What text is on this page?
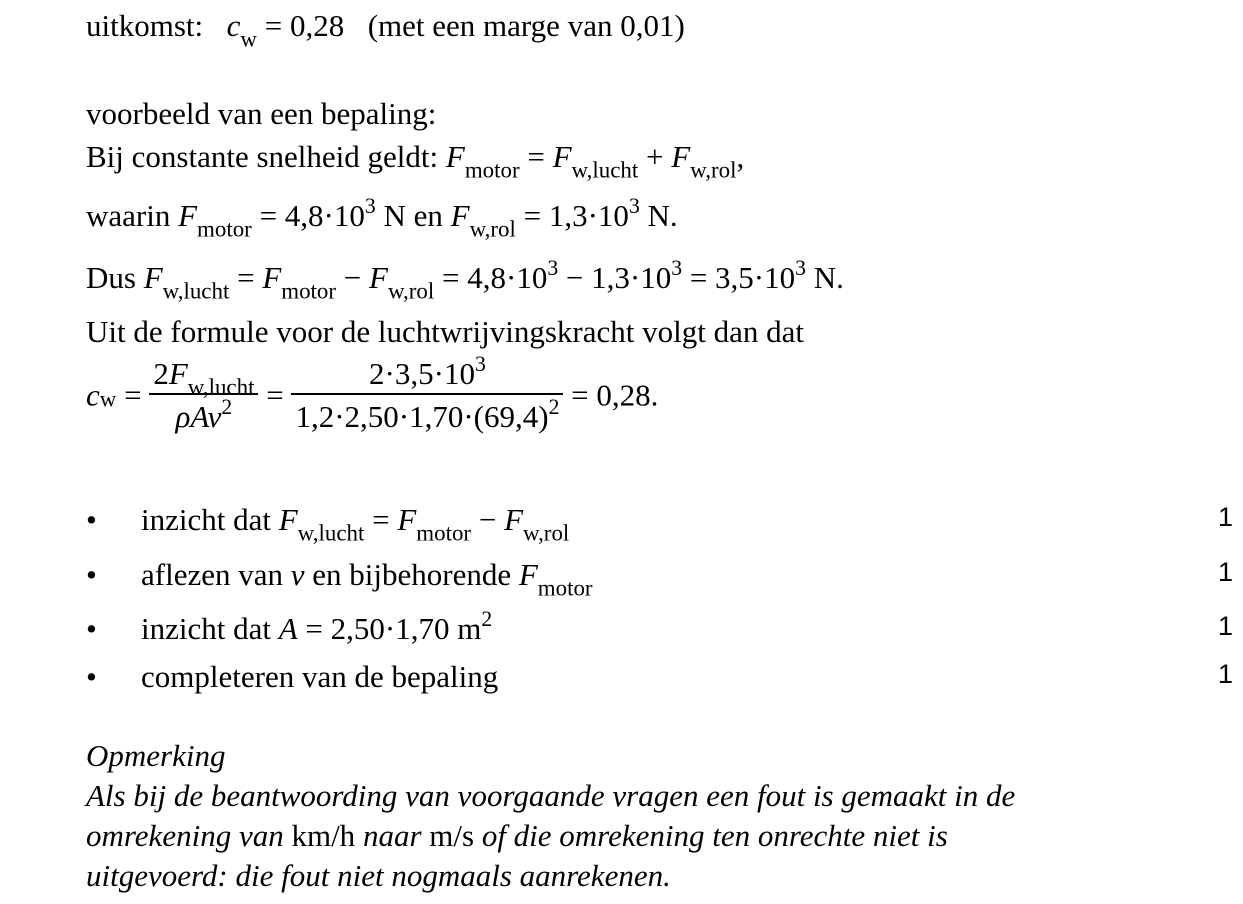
uitkomst: $c_w = 0,28$ (met een marge van 0,01)
voorbeeld van een bepaling:
Bij constante snelheid geldt: $F_{motor} = F_{w,lucht} + F_{w,rol}$,
waarin $F_{motor} = 4,8\cdot 10^3$ N en $F_{w,rol} = 1,3\cdot 10^3$ N.
Dus $F_{w,lucht} = F_{motor} - F_{w,rol} = 4,8\cdot 10^3 - 1,3\cdot 10^3 = 3,5\cdot 10^3$ N.
Uit de formule voor de luchtwrijvingskracht volgt dan dat
$c_w = \frac{2F_{w,lucht}}{\rho Av^2} = \frac{2\cdot 3,5\cdot 10^3}{1,2\cdot 2,50\cdot 1,70\cdot(69,4)^2} = 0,28$.
• inzicht dat $F_{w,lucht} = F_{motor} - F_{w,rol}$
1
• aflezen van v en bijbehorende $F_{motor}$
1
• inzicht dat A = 2,50·1,70 $m^2$	1
• completeren van de bepaling	1
Opmerking
Als bij de beantwoording van voorgaande vragen een fout is gemaakt in de
omrekening van km/h naar m/s of die omrekening ten onrechte niet is
uitgevoerd: die fout niet nogmaals aanrekenen.
